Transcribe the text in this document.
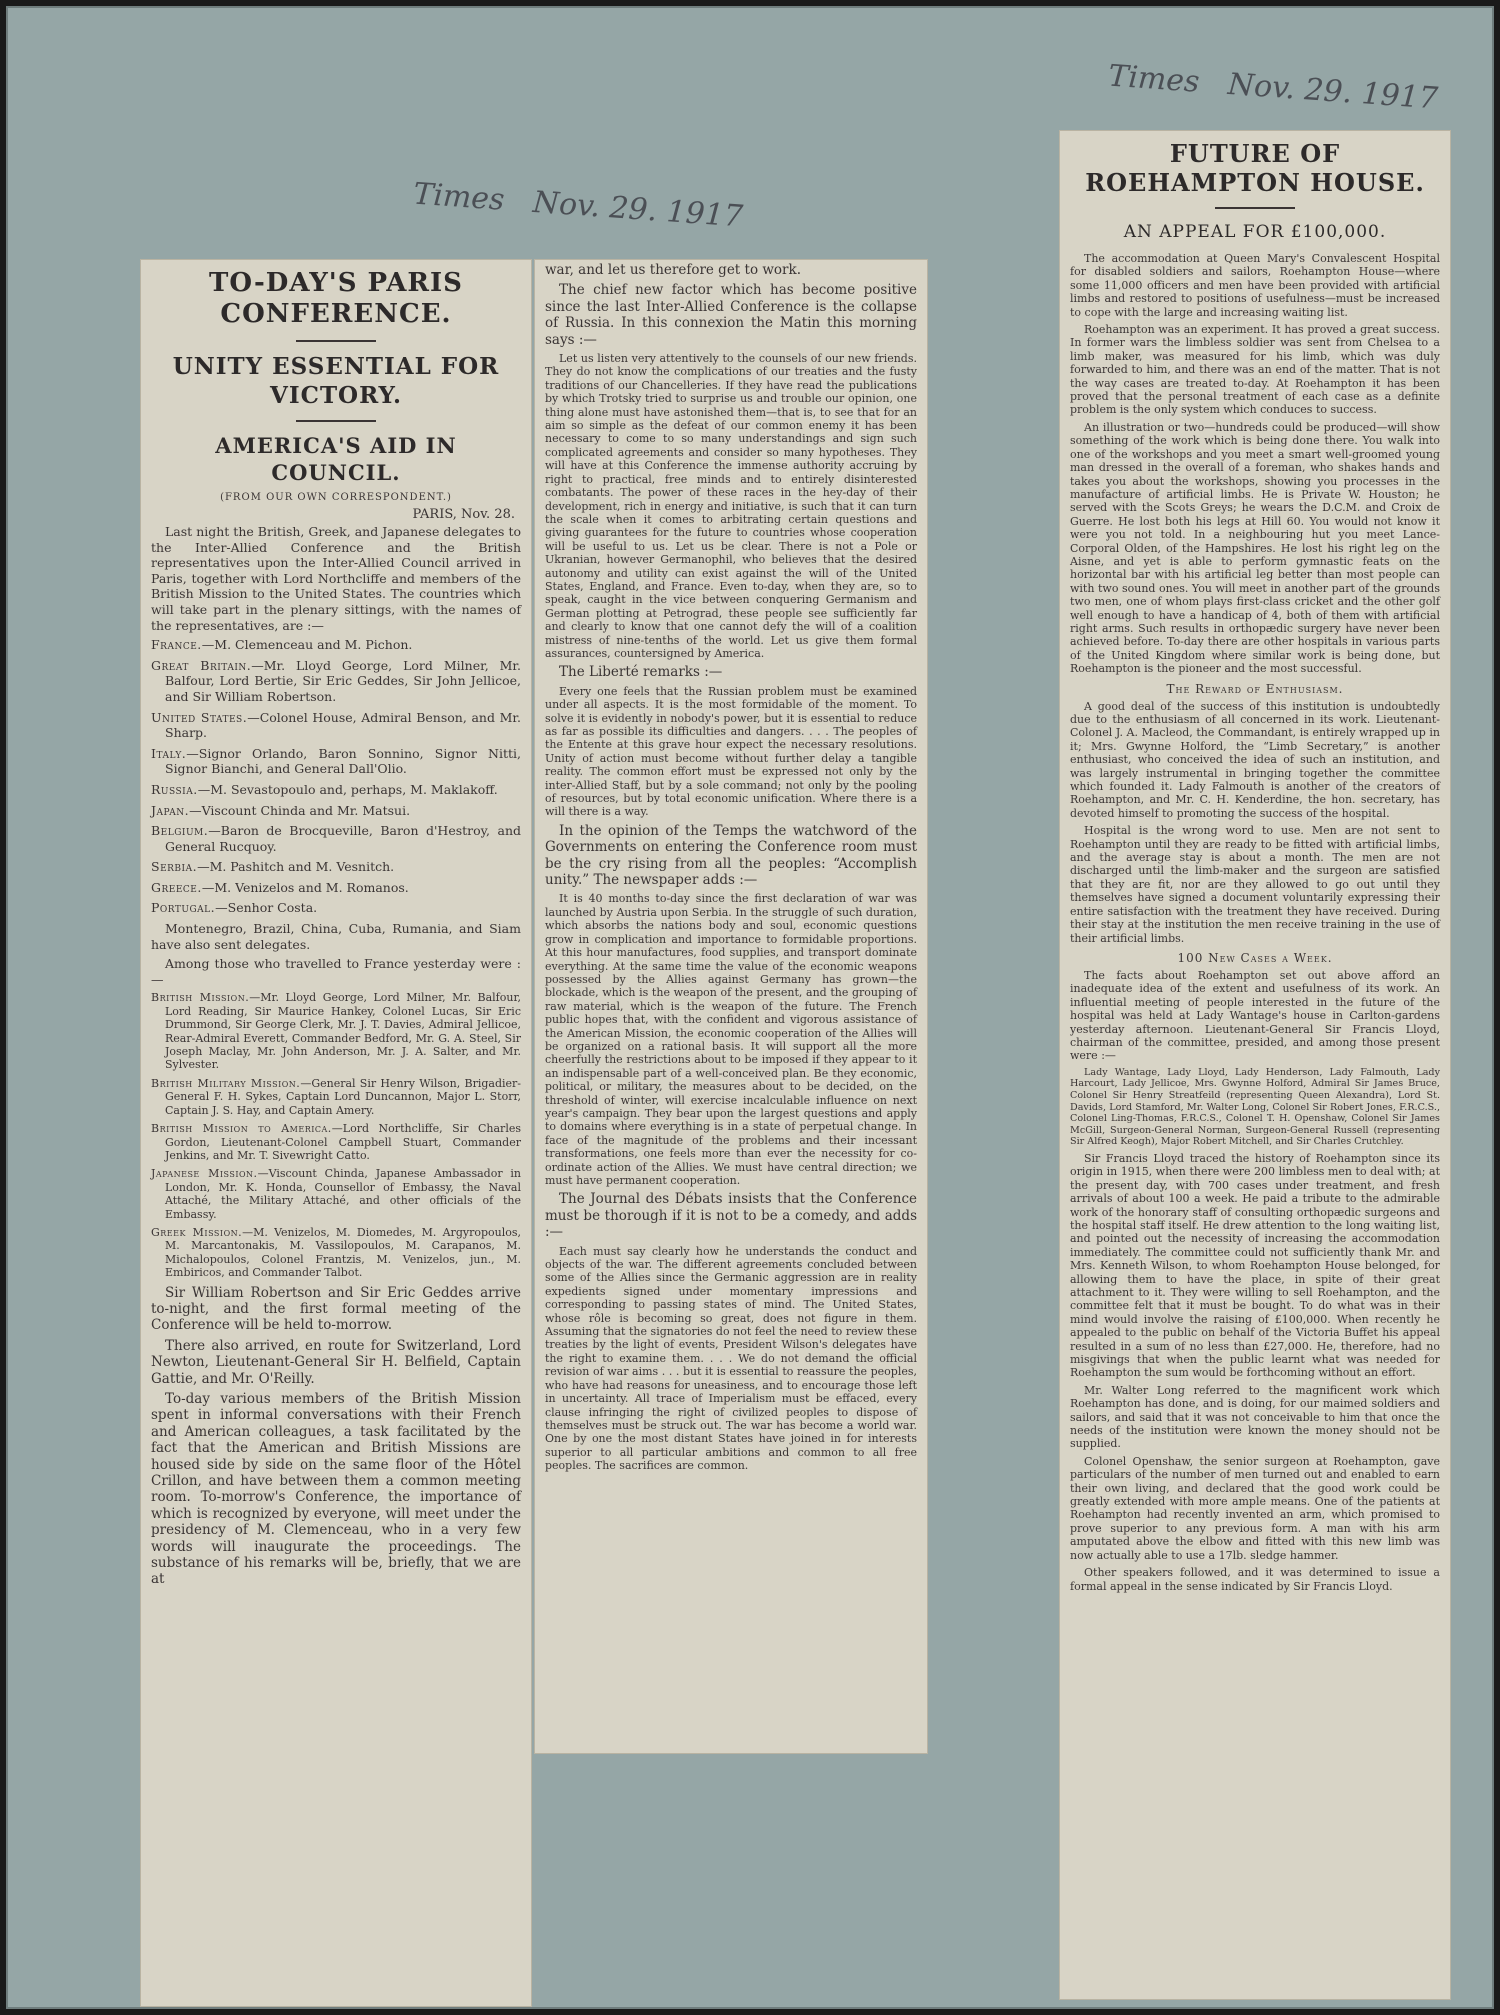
Times Nov. 29. 1917
Times Nov. 29. 1917
TO-DAY'S PARIS CONFERENCE.
UNITY ESSENTIAL FOR VICTORY.
AMERICA'S AID IN COUNCIL.
(FROM OUR OWN CORRESPONDENT.)
PARIS, Nov. 28.
Last night the British, Greek, and Japanese delegates to the Inter-Allied Conference and the British representatives upon the Inter-Allied Council arrived in Paris, together with Lord Northcliffe and members of the British Mission to the United States. The countries which will take part in the plenary sittings, with the names of the representatives, are :—
France.—M. Clemenceau and M. Pichon.
Great Britain.—Mr. Lloyd George, Lord Milner, Mr. Balfour, Lord Bertie, Sir Eric Geddes, Sir John Jellicoe, and Sir William Robertson.
United States.—Colonel House, Admiral Benson, and Mr. Sharp.
Italy.—Signor Orlando, Baron Sonnino, Signor Nitti, Signor Bianchi, and General Dall'Olio.
Russia.—M. Sevastopoulo and, perhaps, M. Maklakoff.
Japan.—Viscount Chinda and Mr. Matsui.
Belgium.—Baron de Brocqueville, Baron d'Hestroy, and General Rucquoy.
Serbia.—M. Pashitch and M. Vesnitch.
Greece.—M. Venizelos and M. Romanos.
Portugal.—Senhor Costa.
Montenegro, Brazil, China, Cuba, Rumania, and Siam have also sent delegates.
Among those who travelled to France yesterday were :—
British Mission.—Mr. Lloyd George, Lord Milner, Mr. Balfour, Lord Reading, Sir Maurice Hankey, Colonel Lucas, Sir Eric Drummond, Sir George Clerk, Mr. J. T. Davies, Admiral Jellicoe, Rear-Admiral Everett, Commander Bedford, Mr. G. A. Steel, Sir Joseph Maclay, Mr. John Anderson, Mr. J. A. Salter, and Mr. Sylvester.
British Military Mission.—General Sir Henry Wilson, Brigadier-General F. H. Sykes, Captain Lord Duncannon, Major L. Storr, Captain J. S. Hay, and Captain Amery.
British Mission to America.—Lord Northcliffe, Sir Charles Gordon, Lieutenant-Colonel Campbell Stuart, Commander Jenkins, and Mr. T. Sivewright Catto.
Japanese Mission.—Viscount Chinda, Japanese Ambassador in London, Mr. K. Honda, Counsellor of Embassy, the Naval Attaché, the Military Attaché, and other officials of the Embassy.
Greek Mission.—M. Venizelos, M. Diomedes, M. Argyropoulos, M. Marcantonakis, M. Vassilopoulos, M. Carapanos, M. Michalopoulos, Colonel Frantzis, M. Venizelos, jun., M. Embiricos, and Commander Talbot.
Sir William Robertson and Sir Eric Geddes arrive to-night, and the first formal meeting of the Conference will be held to-morrow.
There also arrived, en route for Switzerland, Lord Newton, Lieutenant-General Sir H. Belfield, Captain Gattie, and Mr. O'Reilly.
To-day various members of the British Mission spent in informal conversations with their French and American colleagues, a task facilitated by the fact that the American and British Missions are housed side by side on the same floor of the Hôtel Crillon, and have between them a common meeting room. To-morrow's Conference, the importance of which is recognized by everyone, will meet under the presidency of M. Clemenceau, who in a very few words will inaugurate the proceedings. The substance of his remarks will be, briefly, that we are at
war, and let us therefore get to work.
The chief new factor which has become positive since the last Inter-Allied Conference is the collapse of Russia. In this connexion the Matin this morning says :—
Let us listen very attentively to the counsels of our new friends. They do not know the complications of our treaties and the fusty traditions of our Chancelleries. If they have read the publications by which Trotsky tried to surprise us and trouble our opinion, one thing alone must have astonished them—that is, to see that for an aim so simple as the defeat of our common enemy it has been necessary to come to so many understandings and sign such complicated agreements and consider so many hypotheses. They will have at this Conference the immense authority accruing by right to practical, free minds and to entirely disinterested combatants. The power of these races in the hey-day of their development, rich in energy and initiative, is such that it can turn the scale when it comes to arbitrating certain questions and giving guarantees for the future to countries whose cooperation will be useful to us. Let us be clear. There is not a Pole or Ukranian, however Germanophil, who believes that the desired autonomy and utility can exist against the will of the United States, England, and France. Even to-day, when they are, so to speak, caught in the vice between conquering Germanism and German plotting at Petrograd, these people see sufficiently far and clearly to know that one cannot defy the will of a coalition mistress of nine-tenths of the world. Let us give them formal assurances, countersigned by America.
The Liberté remarks :—
Every one feels that the Russian problem must be examined under all aspects. It is the most formidable of the moment. To solve it is evidently in nobody's power, but it is essential to reduce as far as possible its difficulties and dangers. . . . The peoples of the Entente at this grave hour expect the necessary resolutions. Unity of action must become without further delay a tangible reality. The common effort must be expressed not only by the inter-Allied Staff, but by a sole command; not only by the pooling of resources, but by total economic unification. Where there is a will there is a way.
In the opinion of the Temps the watchword of the Governments on entering the Conference room must be the cry rising from all the peoples: “Accomplish unity.” The newspaper adds :—
It is 40 months to-day since the first declaration of war was launched by Austria upon Serbia. In the struggle of such duration, which absorbs the nations body and soul, economic questions grow in complication and importance to formidable proportions. At this hour manufactures, food supplies, and transport dominate everything. At the same time the value of the economic weapons possessed by the Allies against Germany has grown—the blockade, which is the weapon of the present, and the grouping of raw material, which is the weapon of the future. The French public hopes that, with the confident and vigorous assistance of the American Mission, the economic cooperation of the Allies will be organized on a rational basis. It will support all the more cheerfully the restrictions about to be imposed if they appear to it an indispensable part of a well-conceived plan. Be they economic, political, or military, the measures about to be decided, on the threshold of winter, will exercise incalculable influence on next year's campaign. They bear upon the largest questions and apply to domains where everything is in a state of perpetual change. In face of the magnitude of the problems and their incessant transformations, one feels more than ever the necessity for co-ordinate action of the Allies. We must have central direction; we must have permanent cooperation.
The Journal des Débats insists that the Conference must be thorough if it is not to be a comedy, and adds :—
Each must say clearly how he understands the conduct and objects of the war. The different agreements concluded between some of the Allies since the Germanic aggression are in reality expedients signed under momentary impressions and corresponding to passing states of mind. The United States, whose rôle is becoming so great, does not figure in them. Assuming that the signatories do not feel the need to review these treaties by the light of events, President Wilson's delegates have the right to examine them. . . . We do not demand the official revision of war aims . . . but it is essential to reassure the peoples, who have had reasons for uneasiness, and to encourage those left in uncertainty. All trace of Imperialism must be effaced, every clause infringing the right of civilized peoples to dispose of themselves must be struck out. The war has become a world war. One by one the most distant States have joined in for interests superior to all particular ambitions and common to all free peoples. The sacrifices are common.
FUTURE OF ROEHAMPTON HOUSE.
AN APPEAL FOR £100,000.
The accommodation at Queen Mary's Convalescent Hospital for disabled soldiers and sailors, Roehampton House—where some 11,000 officers and men have been provided with artificial limbs and restored to positions of usefulness—must be increased to cope with the large and increasing waiting list.
Roehampton was an experiment. It has proved a great success. In former wars the limbless soldier was sent from Chelsea to a limb maker, was measured for his limb, which was duly forwarded to him, and there was an end of the matter. That is not the way cases are treated to-day. At Roehampton it has been proved that the personal treatment of each case as a definite problem is the only system which conduces to success.
An illustration or two—hundreds could be produced—will show something of the work which is being done there. You walk into one of the workshops and you meet a smart well-groomed young man dressed in the overall of a foreman, who shakes hands and takes you about the workshops, showing you processes in the manufacture of artificial limbs. He is Private W. Houston; he served with the Scots Greys; he wears the D.C.M. and Croix de Guerre. He lost both his legs at Hill 60. You would not know it were you not told. In a neighbouring hut you meet Lance-Corporal Olden, of the Hampshires. He lost his right leg on the Aisne, and yet is able to perform gymnastic feats on the horizontal bar with his artificial leg better than most people can with two sound ones. You will meet in another part of the grounds two men, one of whom plays first-class cricket and the other golf well enough to have a handicap of 4, both of them with artificial right arms. Such results in orthopædic surgery have never been achieved before. To-day there are other hospitals in various parts of the United Kingdom where similar work is being done, but Roehampton is the pioneer and the most successful.
The Reward of Enthusiasm.
A good deal of the success of this institution is undoubtedly due to the enthusiasm of all concerned in its work. Lieutenant-Colonel J. A. Macleod, the Commandant, is entirely wrapped up in it; Mrs. Gwynne Holford, the “Limb Secretary,” is another enthusiast, who conceived the idea of such an institution, and was largely instrumental in bringing together the committee which founded it. Lady Falmouth is another of the creators of Roehampton, and Mr. C. H. Kenderdine, the hon. secretary, has devoted himself to promoting the success of the hospital.
Hospital is the wrong word to use. Men are not sent to Roehampton until they are ready to be fitted with artificial limbs, and the average stay is about a month. The men are not discharged until the limb-maker and the surgeon are satisfied that they are fit, nor are they allowed to go out until they themselves have signed a document voluntarily expressing their entire satisfaction with the treatment they have received. During their stay at the institution the men receive training in the use of their artificial limbs.
100 New Cases a Week.
The facts about Roehampton set out above afford an inadequate idea of the extent and usefulness of its work. An influential meeting of people interested in the future of the hospital was held at Lady Wantage's house in Carlton-gardens yesterday afternoon. Lieutenant-General Sir Francis Lloyd, chairman of the committee, presided, and among those present were :—
Lady Wantage, Lady Lloyd, Lady Henderson, Lady Falmouth, Lady Harcourt, Lady Jellicoe, Mrs. Gwynne Holford, Admiral Sir James Bruce, Colonel Sir Henry Streatfeild (representing Queen Alexandra), Lord St. Davids, Lord Stamford, Mr. Walter Long, Colonel Sir Robert Jones, F.R.C.S., Colonel Ling-Thomas, F.R.C.S., Colonel T. H. Openshaw, Colonel Sir James McGill, Surgeon-General Norman, Surgeon-General Russell (representing Sir Alfred Keogh), Major Robert Mitchell, and Sir Charles Crutchley.
Sir Francis Lloyd traced the history of Roehampton since its origin in 1915, when there were 200 limbless men to deal with; at the present day, with 700 cases under treatment, and fresh arrivals of about 100 a week. He paid a tribute to the admirable work of the honorary staff of consulting orthopædic surgeons and the hospital staff itself. He drew attention to the long waiting list, and pointed out the necessity of increasing the accommodation immediately. The committee could not sufficiently thank Mr. and Mrs. Kenneth Wilson, to whom Roehampton House belonged, for allowing them to have the place, in spite of their great attachment to it. They were willing to sell Roehampton, and the committee felt that it must be bought. To do what was in their mind would involve the raising of £100,000. When recently he appealed to the public on behalf of the Victoria Buffet his appeal resulted in a sum of no less than £27,000. He, therefore, had no misgivings that when the public learnt what was needed for Roehampton the sum would be forthcoming without an effort.
Mr. Walter Long referred to the magnificent work which Roehampton has done, and is doing, for our maimed soldiers and sailors, and said that it was not conceivable to him that once the needs of the institution were known the money should not be supplied.
Colonel Openshaw, the senior surgeon at Roehampton, gave particulars of the number of men turned out and enabled to earn their own living, and declared that the good work could be greatly extended with more ample means. One of the patients at Roehampton had recently invented an arm, which promised to prove superior to any previous form. A man with his arm amputated above the elbow and fitted with this new limb was now actually able to use a 17lb. sledge hammer.
Other speakers followed, and it was determined to issue a formal appeal in the sense indicated by Sir Francis Lloyd.
